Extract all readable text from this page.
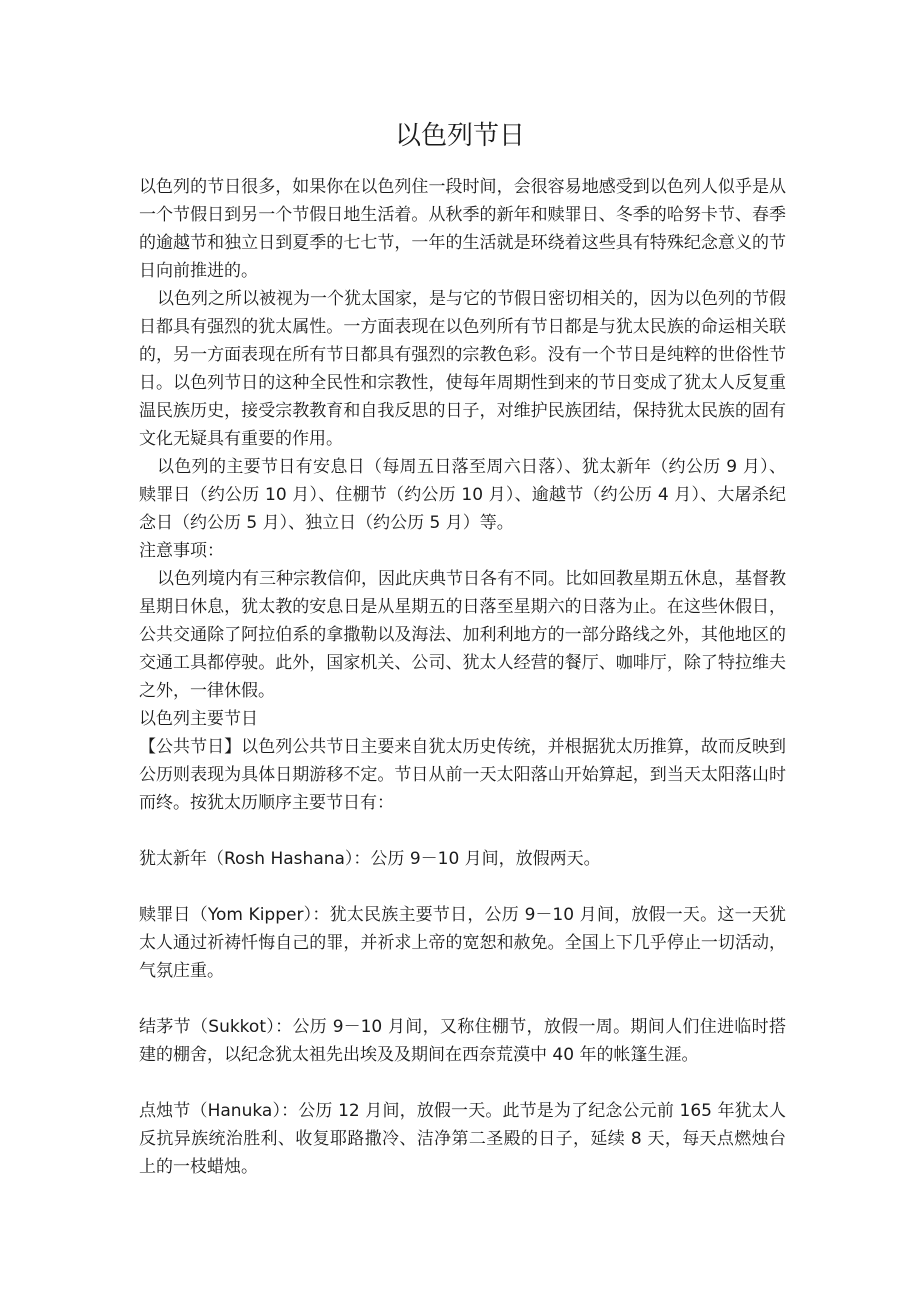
以色列节日

以色列的节日很多，如果你在以色列住一段时间，会很容易地感受到以色列人似乎是从一个节假日到另一个节假日地生活着。从秋季的新年和赎罪日、冬季的哈努卡节、春季的逾越节和独立日到夏季的七七节，一年的生活就是环绕着这些具有特殊纪念意义的节日向前推进的。

以色列之所以被视为一个犹太国家，是与它的节假日密切相关的，因为以色列的节假日都具有强烈的犹太属性。一方面表现在以色列所有节日都是与犹太民族的命运相关联的，另一方面表现在所有节日都具有强烈的宗教色彩。没有一个节日是纯粹的世俗性节日。以色列节日的这种全民性和宗教性，使每年周期性到来的节日变成了犹太人反复重温民族历史，接受宗教教育和自我反思的日子，对维护民族团结，保持犹太民族的固有文化无疑具有重要的作用。

以色列的主要节日有安息日（每周五日落至周六日落）、犹太新年（约公历 9 月）、赎罪日（约公历 10 月）、住棚节（约公历 10 月）、逾越节（约公历 4 月）、大屠杀纪念日（约公历 5 月）、独立日（约公历 5 月）等。

注意事项：

以色列境内有三种宗教信仰，因此庆典节日各有不同。比如回教星期五休息，基督教星期日休息，犹太教的安息日是从星期五的日落至星期六的日落为止。在这些休假日，公共交通除了阿拉伯系的拿撒勒以及海法、加利利地方的一部分路线之外，其他地区的交通工具都停驶。此外，国家机关、公司、犹太人经营的餐厅、咖啡厅，除了特拉维夫之外，一律休假。

以色列主要节日

【公共节日】以色列公共节日主要来自犹太历史传统，并根据犹太历推算，故而反映到公历则表现为具体日期游移不定。节日从前一天太阳落山开始算起，到当天太阳落山时而终。按犹太历顺序主要节日有：

犹太新年（Rosh Hashana）：公历 9－10 月间，放假两天。

赎罪日（Yom Kipper）：犹太民族主要节日，公历 9－10 月间，放假一天。这一天犹太人通过祈祷忏悔自己的罪，并祈求上帝的宽恕和赦免。全国上下几乎停止一切活动，气氛庄重。

结茅节（Sukkot）：公历 9－10 月间，又称住棚节，放假一周。期间人们住进临时搭建的棚舍，以纪念犹太祖先出埃及及期间在西奈荒漠中 40 年的帐篷生涯。

点烛节（Hanuka）：公历 12 月间，放假一天。此节是为了纪念公元前 165 年犹太人反抗异族统治胜利、收复耶路撒冷、洁净第二圣殿的日子，延续 8 天，每天点燃烛台上的一枝蜡烛。
